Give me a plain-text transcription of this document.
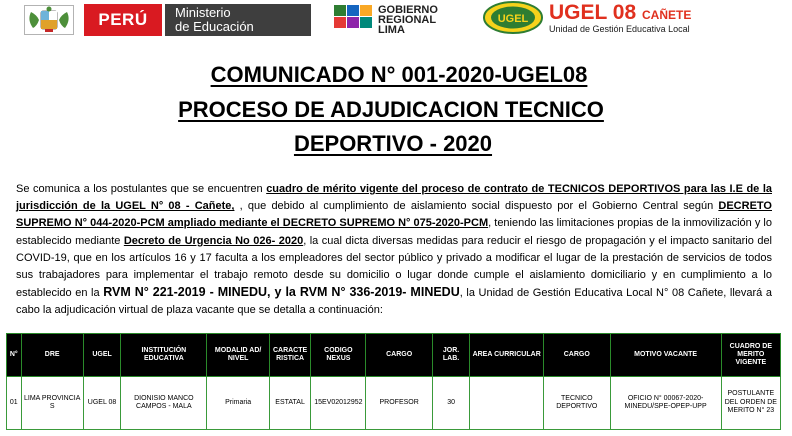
PERÚ	Ministerio
de Educación
GOBIERNO
REGIONAL
LIMA
UGEL UGEL 08 CAÑETE
Unidad de Gestión Educativa Local
COMUNICADO N° 001-2020-UGEL08
PROCESO DE ADJUDICACION TECNICO
DEPORTIVO - 2020
Se comunica a los postulantes que se encuentren cuadro de mérito vigente del proceso de contrato de TECNICOS DEPORTIVOS para las I.E de la jurisdicción de la UGEL N° 08 - Cañete, , que debido al cumplimiento de aislamiento social dispuesto por el Gobierno Central según DECRETO SUPREMO N° 044-2020-PCM ampliado mediante el DECRETO SUPREMO N° 075-2020-PCM, teniendo las limitaciones propias de la inmovilización y lo establecido mediante Decreto de Urgencia No 026- 2020, la cual dicta diversas medidas para reducir el riesgo de propagación y el impacto sanitario del COVID-19, que en los artículos 16 y 17 faculta a los empleadores del sector público y privado a modificar el lugar de la prestación de servicios de todos sus trabajadores para implementar el trabajo remoto desde su domicilio o lugar donde cumple el aislamiento domiciliario y en cumplimiento a lo establecido en la RVM N° 221-2019 - MINEDU, y la RVM N° 336-2019- MINEDU, la Unidad de Gestión Educativa Local N° 08 Cañete, llevará a cabo la adjudicación virtual de plaza vacante que se detalla a continuación:
N°	DRE	UGEL	INSTITUCIÓN EDUCATIVA	MODALID AD/ NIVEL	CARACTE RISTICA	CODIGO NEXUS	CARGO	JOR. LAB.	AREA CURRICULAR	CARGO	MOTIVO VACANTE	CUADRO DE MERITO VIGENTE
01	LIMA PROVINCIA S	UGEL 08	DIONISIO MANCO CAMPOS - MALA	Primaria	ESTATAL	15EV02012952	PROFESOR	30		TECNICO DEPORTIVO	OFICIO N° 00067-2020-MINEDU/SPE-OPEP-UPP	POSTULANTE DEL ORDEN DE MERITO N° 23
